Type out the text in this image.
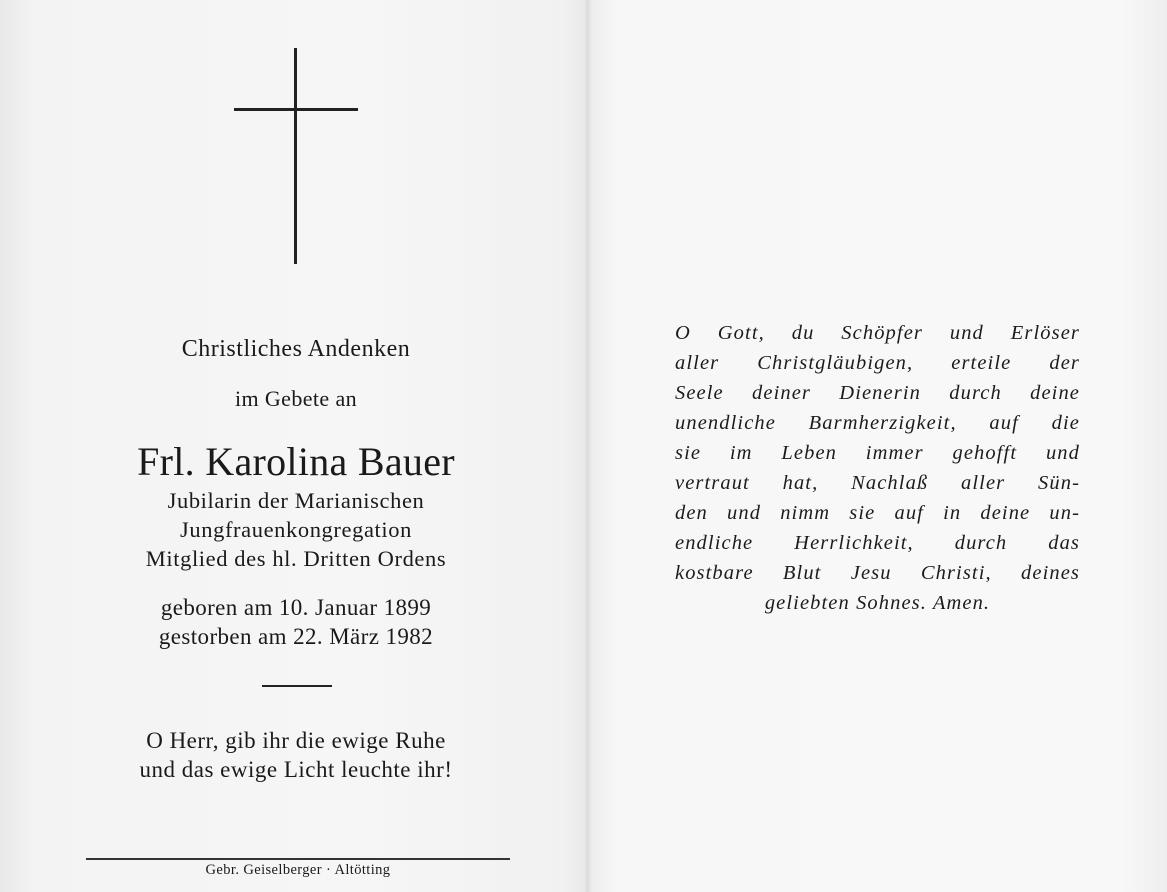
Christliches Andenken
im Gebete an
Frl. Karolina Bauer
Jubilarin der Marianischen
Jungfrauenkongregation
Mitglied des hl. Dritten Ordens
geboren am 10. Januar 1899
gestorben am 22. März 1982
O Herr, gib ihr die ewige Ruhe
und das ewige Licht leuchte ihr!
Gebr. Geiselberger · Altötting
O Gott, du Schöpfer und Erlöser
aller Christgläubigen, erteile der
Seele deiner Dienerin durch deine
unendliche Barmherzigkeit, auf die
sie im Leben immer gehofft und
vertraut hat, Nachlaß aller Sün-
den und nimm sie auf in deine un-
endliche Herrlichkeit, durch das
kostbare Blut Jesu Christi, deines
geliebten Sohnes. Amen.
